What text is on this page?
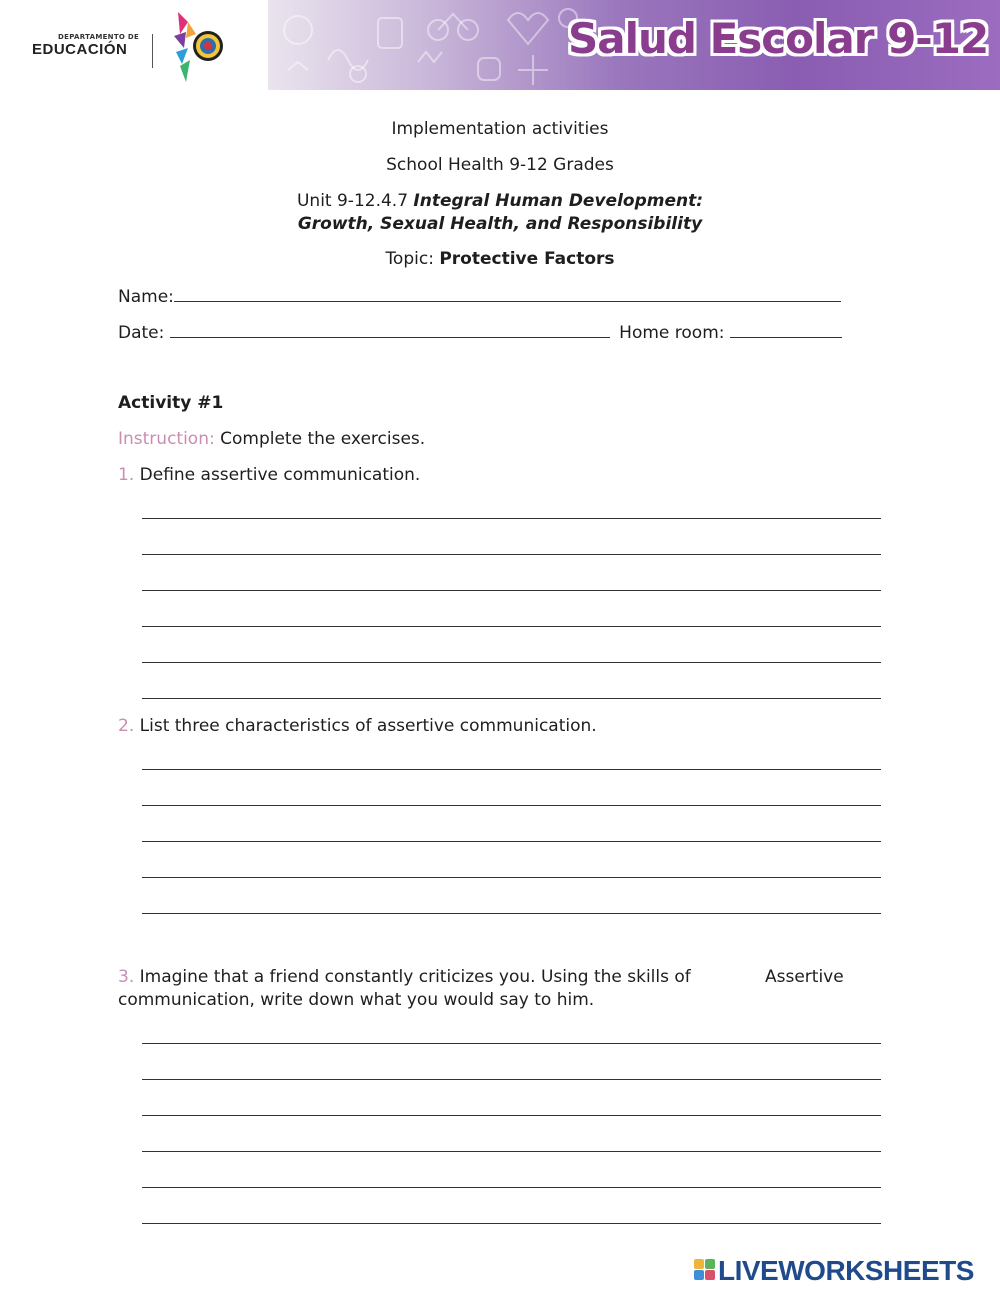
DEPARTAMENTO DE
EDUCACIÓN	Salud Escolar 9-12
Implementation activities
School Health 9-12 Grades
Unit 9-12.4.7 Integral Human Development:
Growth, Sexual Health, and Responsibility
Topic: Protective Factors
Name:
Date:	Home room:
Activity #1
Instruction: Complete the exercises.
1. Define assertive communication.
2. List three characteristics of assertive communication.
3. Imagine that a friend constantly criticizes you. Using the skills of	Assertive
communication, write down what you would say to him.
LIVEWORKSHEETS
